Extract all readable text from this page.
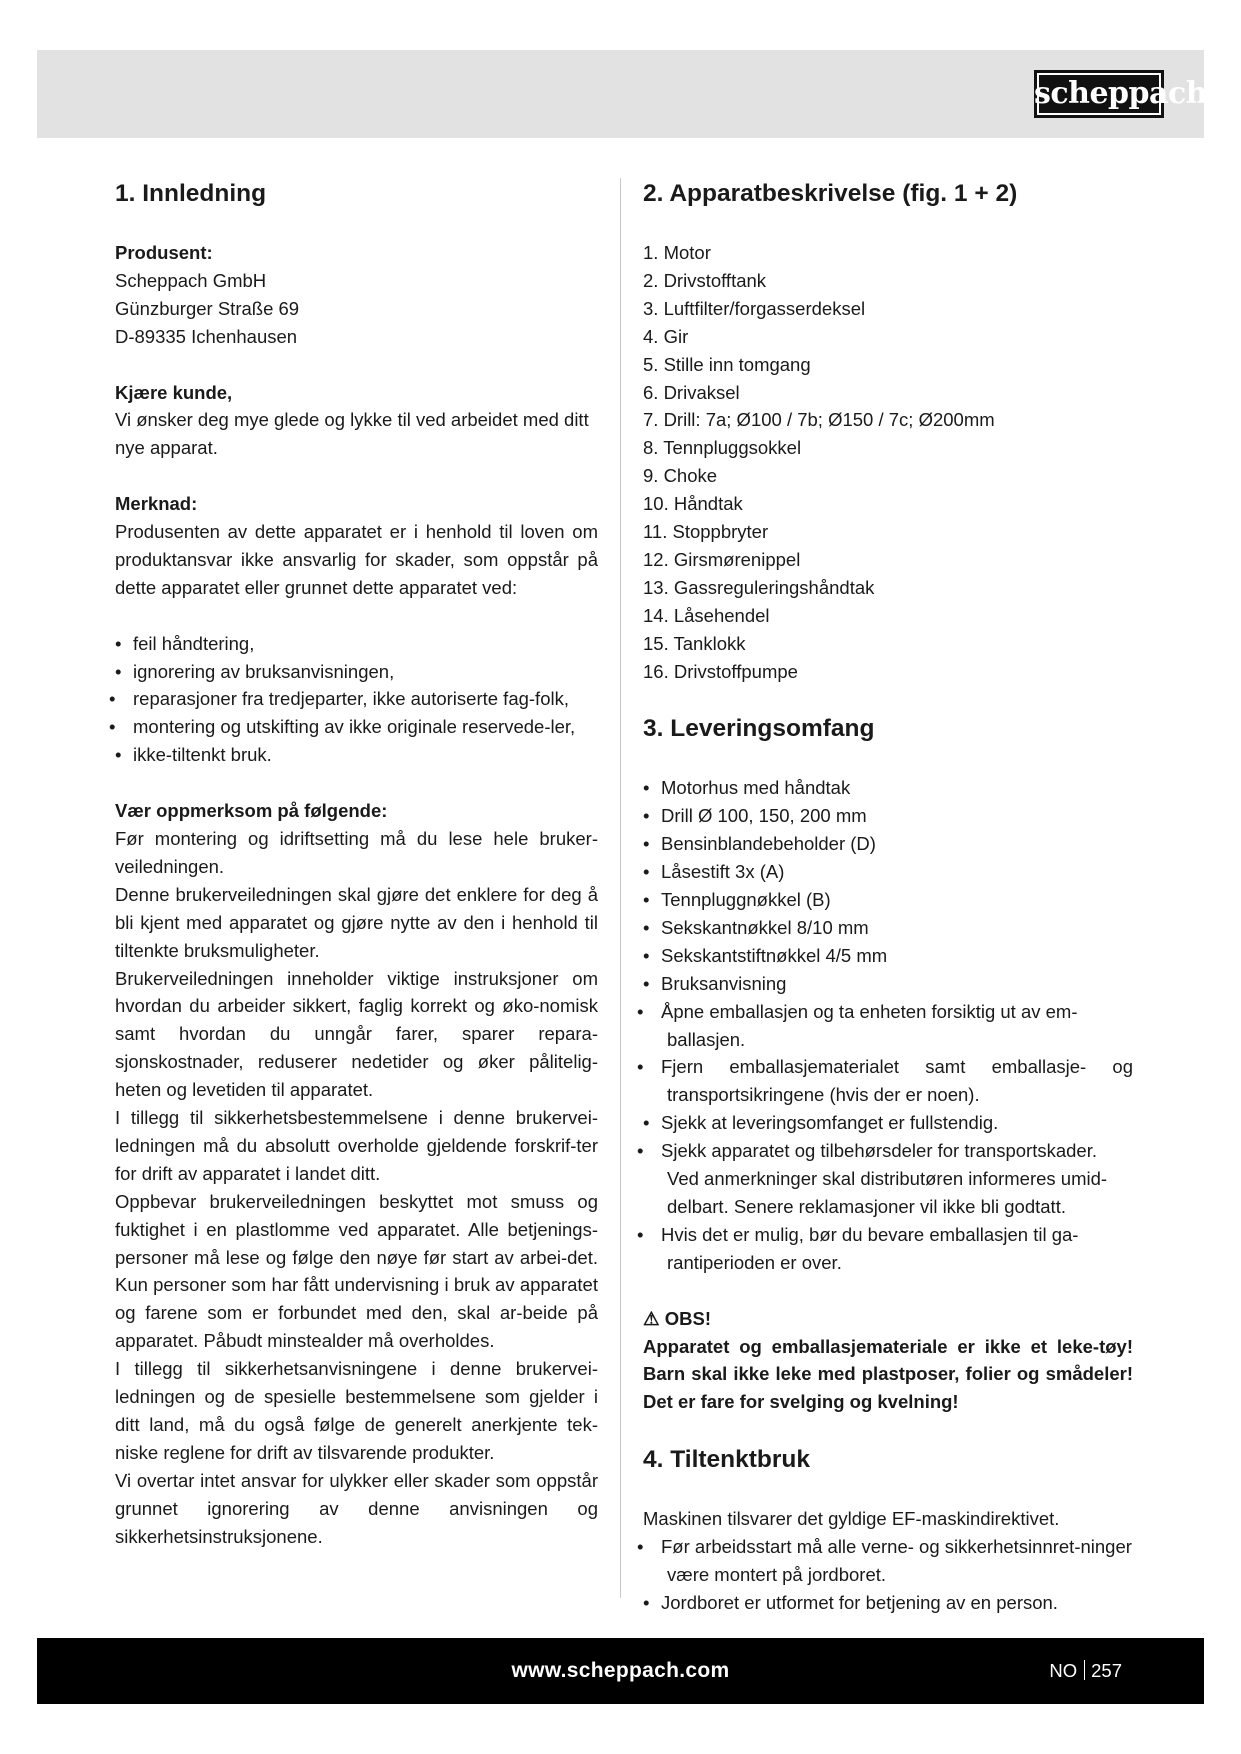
scheppach
1. Innledning

Produsent:

Scheppach GmbH

Günzburger Straße 69

D-89335 Ichenhausen

Kjære kunde,

Vi ønsker deg mye glede og lykke til ved arbeidet med ditt nye apparat.

Merknad:

Produsenten av dette apparatet er i henhold til loven om produktansvar ikke ansvarlig for skader, som oppstår på dette apparatet eller grunnet dette apparatet ved:

• feil håndtering,
• ignorering av bruksanvisningen,
• reparasjoner fra tredjeparter, ikke autoriserte fag-folk,
• montering og utskifting av ikke originale reservede-ler,
• ikke-tiltenkt bruk.

Vær oppmerksom på følgende:

Før montering og idriftsetting må du lese hele bruker-veiledningen.

Denne brukerveiledningen skal gjøre det enklere for deg å bli kjent med apparatet og gjøre nytte av den i henhold til tiltenkte bruksmuligheter.

Brukerveiledningen inneholder viktige instruksjoner om hvordan du arbeider sikkert, faglig korrekt og øko-nomisk samt hvordan du unngår farer, sparer repara-sjonskostnader, reduserer nedetider og øker pålitelig-heten og levetiden til apparatet.

I tillegg til sikkerhetsbestemmelsene i denne brukervei-ledningen må du absolutt overholde gjeldende forskrif-ter for drift av apparatet i landet ditt.

Oppbevar brukerveiledningen beskyttet mot smuss og fuktighet i en plastlomme ved apparatet. Alle betjenings-personer må lese og følge den nøye før start av arbei-det. Kun personer som har fått undervisning i bruk av apparatet og farene som er forbundet med den, skal ar-beide på apparatet. Påbudt minstealder må overholdes.

I tillegg til sikkerhetsanvisningene i denne brukervei-ledningen og de spesielle bestemmelsene som gjelder i ditt land, må du også følge de generelt anerkjente tek-niske reglene for drift av tilsvarende produkter.

Vi overtar intet ansvar for ulykker eller skader som oppstår grunnet ignorering av denne anvisningen og sikkerhetsinstruksjonene.

2. Apparatbeskrivelse (fig. 1 + 2)
1. Motor
2. Drivstofftank
3. Luftfilter/forgasserdeksel
4. Gir
5. Stille inn tomgang
6. Drivaksel
7. Drill: 7a; Ø100 / 7b; Ø150 / 7c; Ø200mm
8. Tennpluggsokkel
9. Choke
10. Håndtak
11. Stoppbryter
12. Girsmørenippel
13. Gassreguleringshåndtak
14. Låsehendel
15. Tanklokk
16. Drivstoffpumpe
3. Leveringsomfang
• Motorhus med håndtak
• Drill Ø 100, 150, 200 mm
• Bensinblandebeholder (D)
• Låsestift 3x (A)
• Tennpluggnøkkel (B)
• Sekskantnøkkel 8/10 mm
• Sekskantstiftnøkkel 4/5 mm
• Bruksanvisning
• Åpne emballasjen og ta enheten forsiktig ut av em-ballasjen.
• Fjern emballasjematerialet samt emballasje- og transportsikringene (hvis der er noen).
• Sjekk at leveringsomfanget er fullstendig.
• Sjekk apparatet og tilbehørsdeler for transportskader. Ved anmerkninger skal distributøren informeres umid-delbart. Senere reklamasjoner vil ikke bli godtatt.
• Hvis det er mulig, bør du bevare emballasjen til ga-rantiperioden er over.

⚠ OBS!

Apparatet og emballasjemateriale er ikke et leke-tøy! Barn skal ikke leke med plastposer, folier og smådeler! Det er fare for svelging og kvelning!

4. Tiltenktbruk

Maskinen tilsvarer det gyldige EF-maskindirektivet.

• Før arbeidsstart må alle verne- og sikkerhetsinnret-ninger være montert på jordboret.
• Jordboret er utformet for betjening av en person.
www.scheppach.com	NO 257
